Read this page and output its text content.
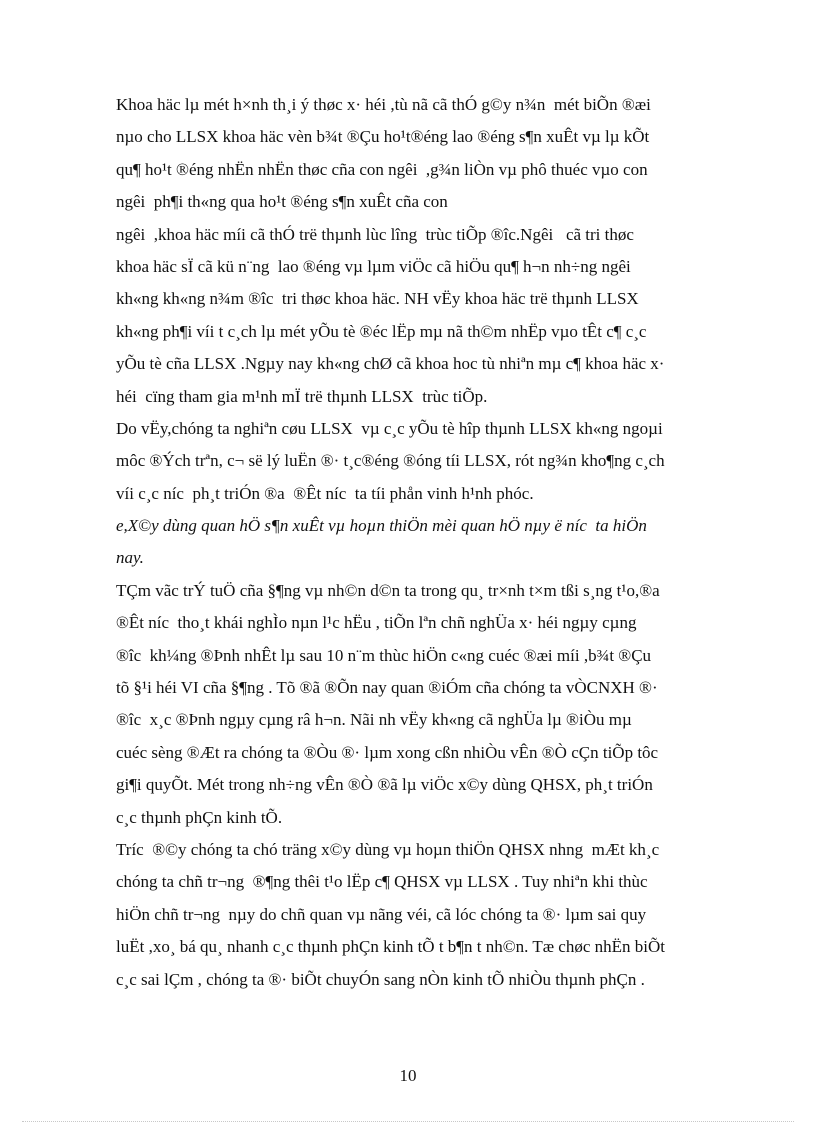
Khoa häc lµ mét h×nh th¸i ý thøc x· héi ,tù nã cã thÓ g©y n¾n  mét biÕn ®æi
nµo cho LLSX khoa häc vèn b¾t ®Çu ho¹t®éng lao ®éng s¶n xuÊt vµ lµ kÕt
qu¶ ho¹t ®éng nhËn nhËn thøc cña con ngêi  ,g¾n liÒn vµ phô thuéc vµo con
ngêi  ph¶i th«ng qua ho¹t ®éng s¶n xuÊt cña con
ngêi  ,khoa häc míi cã thÓ trë thµnh lùc lîng  trùc tiÕp ®îc.Ngêi   cã tri thøc
khoa häc sÏ cã kü n¨ng  lao ®éng vµ lµm viÖc cã hiÖu qu¶ h¬n nh÷ng ngêi
kh«ng kh«ng n¾m ®îc  tri thøc khoa häc. NH vËy khoa häc trë thµnh LLSX
kh«ng ph¶i víi t c¸ch lµ mét yÕu tè ®éc lËp mµ nã th©m nhËp vµo tÊt c¶ c¸c
yÕu tè cña LLSX .Ngµy nay kh«ng chØ cã khoa hoc tù nhiªn mµ c¶ khoa häc x·
héi  cïng tham gia m¹nh mÏ trë thµnh LLSX  trùc tiÕp.
Do vËy,chóng ta nghiªn cøu LLSX  vµ c¸c yÕu tè hîp thµnh LLSX kh«ng ngoµi
môc ®Ých trªn, c¬ së lý luËn ®· t¸c®éng ®óng tíi LLSX, rót ng¾n kho¶ng c¸ch
víi c¸c níc  ph¸t triÓn ®a  ®Êt níc  ta tíi phån vinh h¹nh phóc.
e,X©y dùng quan hÖ s¶n xuÊt vµ hoµn thiÖn mèi quan hÖ nµy ë níc  ta hiÖn
nay.
TÇm vãc trÝ tuÖ cña §¶ng vµ nh©n d©n ta trong qu¸ tr×nh t×m tßi s¸ng t¹o,®a
®Êt níc  tho¸t khái nghÌo nµn l¹c hËu , tiÕn lªn chñ nghÜa x· héi ngµy cµng
®îc  kh¼ng ®Þnh nhÊt lµ sau 10 n¨m thùc hiÖn c«ng cuéc ®æi míi ,b¾t ®Çu
tõ §¹i héi VI cña §¶ng . Tõ ®ã ®Õn nay quan ®iÓm cña chóng ta vÒCNXH ®·
®îc  x¸c ®Þnh ngµy cµng râ h¬n. Nãi nh vËy kh«ng cã nghÜa lµ ®iÒu mµ
cuéc sèng ®Æt ra chóng ta ®Òu ®· lµm xong cßn nhiÒu vÊn ®Ò cÇn tiÕp tôc
gi¶i quyÕt. Mét trong nh÷ng vÊn ®Ò ®ã lµ viÖc x©y dùng QHSX, ph¸t triÓn
c¸c thµnh phÇn kinh tÕ.
Tríc  ®©y chóng ta chó träng x©y dùng vµ hoµn thiÖn QHSX nhng  mÆt kh¸c
chóng ta chñ tr¬ng  ®¶ng thêi t¹o lËp c¶ QHSX vµ LLSX . Tuy nhiªn khi thùc
hiÖn chñ tr¬ng  nµy do chñ quan vµ nãng véi, cã lóc chóng ta ®· lµm sai quy
luËt ,xo¸ bá qu¸ nhanh c¸c thµnh phÇn kinh tÕ t b¶n t nh©n. Tæ chøc nhËn biÕt
c¸c sai lÇm , chóng ta ®· biÕt chuyÓn sang nÒn kinh tÕ nhiÒu thµnh phÇn .
10
